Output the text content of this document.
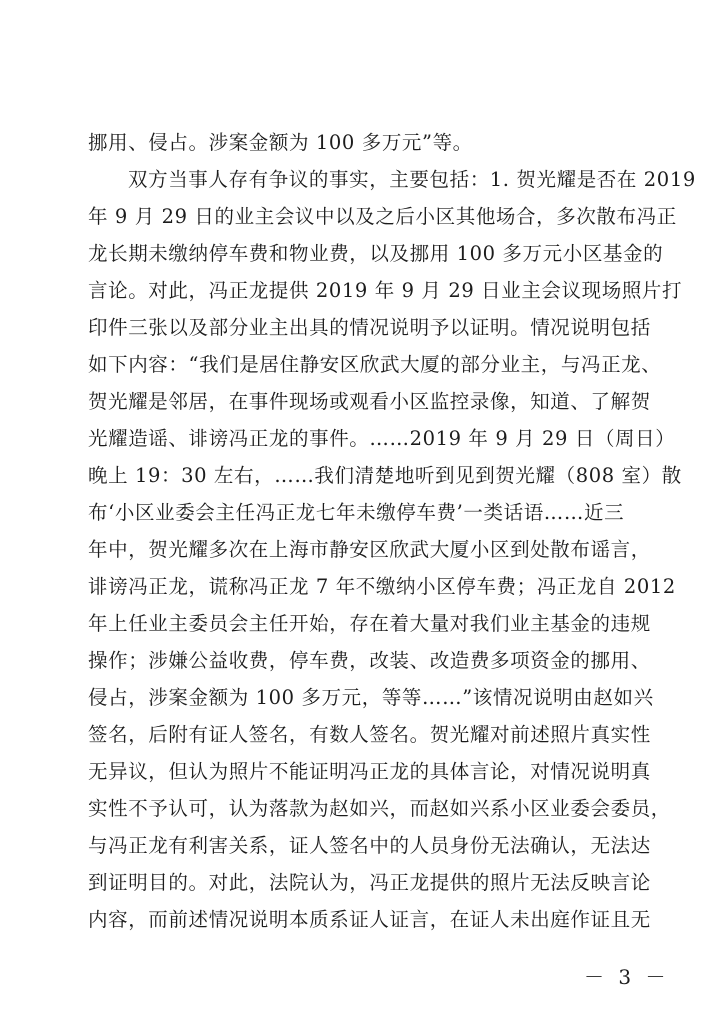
挪用、侵占。涉案金额为 100 多万元”等。
双方当事人存有争议的事实，主要包括：1. 贺光耀是否在 2019
年 9 月 29 日的业主会议中以及之后小区其他场合，多次散布冯正
龙长期未缴纳停车费和物业费，以及挪用 100 多万元小区基金的
言论。对此，冯正龙提供 2019 年 9 月 29 日业主会议现场照片打
印件三张以及部分业主出具的情况说明予以证明。情况说明包括
如下内容：“我们是居住静安区欣武大厦的部分业主，与冯正龙、
贺光耀是邻居，在事件现场或观看小区监控录像，知道、了解贺
光耀造谣、诽谤冯正龙的事件。……2019 年 9 月 29 日（周日）
晚上 19：30 左右，……我们清楚地听到见到贺光耀（808 室）散
布‘小区业委会主任冯正龙七年未缴停车费’一类话语……近三
年中，贺光耀多次在上海市静安区欣武大厦小区到处散布谣言，
诽谤冯正龙，谎称冯正龙 7 年不缴纳小区停车费；冯正龙自 2012
年上任业主委员会主任开始，存在着大量对我们业主基金的违规
操作；涉嫌公益收费，停车费，改装、改造费多项资金的挪用、
侵占，涉案金额为 100 多万元，等等……”该情况说明由赵如兴
签名，后附有证人签名，有数人签名。贺光耀对前述照片真实性
无异议，但认为照片不能证明冯正龙的具体言论，对情况说明真
实性不予认可，认为落款为赵如兴，而赵如兴系小区业委会委员，
与冯正龙有利害关系，证人签名中的人员身份无法确认，无法达
到证明目的。对此，法院认为，冯正龙提供的照片无法反映言论
内容，而前述情况说明本质系证人证言，在证人未出庭作证且无
－ 3 －
